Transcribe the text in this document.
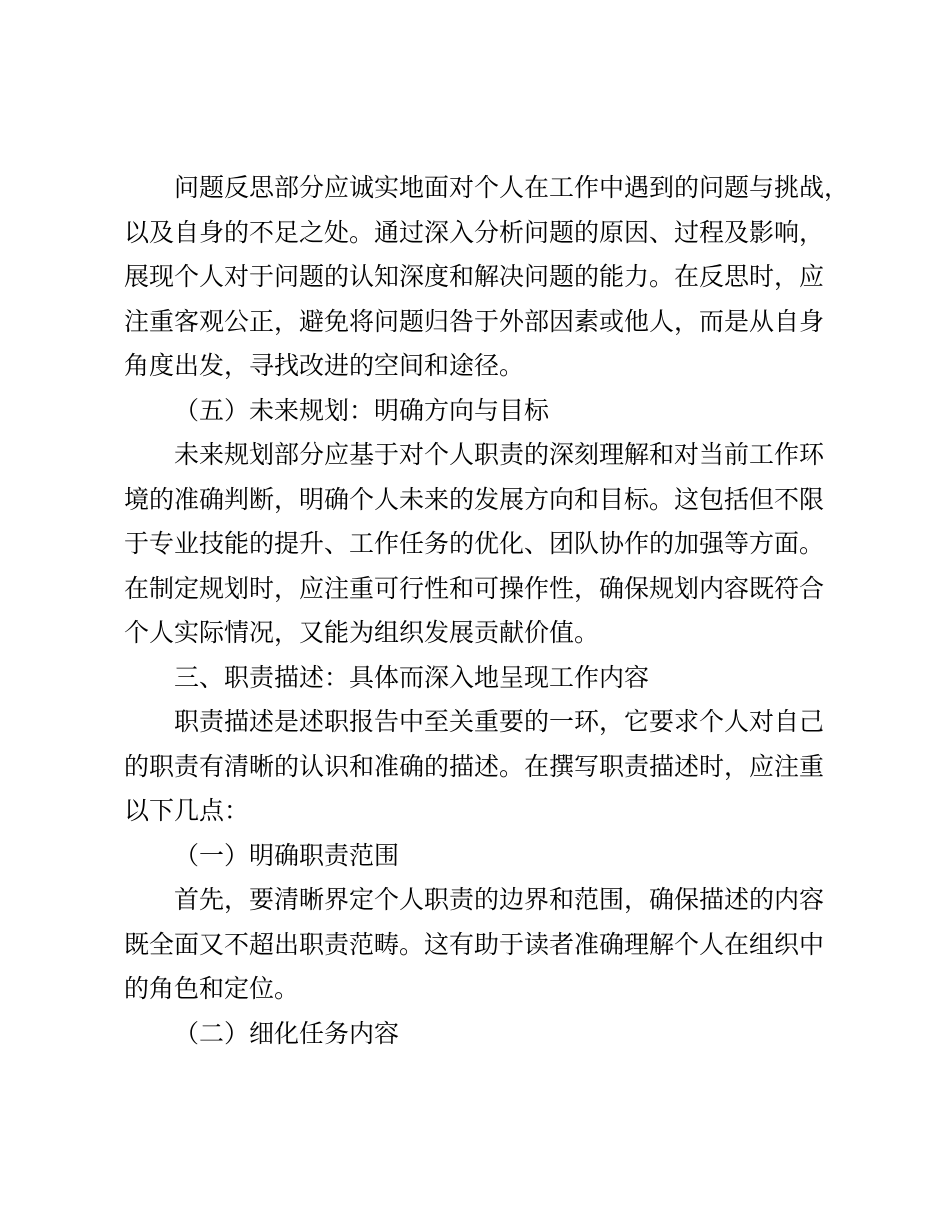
问题反思部分应诚实地面对个人在工作中遇到的问题与挑战，
以及自身的不足之处。通过深入分析问题的原因、过程及影响，
展现个人对于问题的认知深度和解决问题的能力。在反思时，应
注重客观公正，避免将问题归咎于外部因素或他人，而是从自身
角度出发，寻找改进的空间和途径。
（五）未来规划：明确方向与目标
未来规划部分应基于对个人职责的深刻理解和对当前工作环
境的准确判断，明确个人未来的发展方向和目标。这包括但不限
于专业技能的提升、工作任务的优化、团队协作的加强等方面。
在制定规划时，应注重可行性和可操作性，确保规划内容既符合
个人实际情况，又能为组织发展贡献价值。
三、职责描述：具体而深入地呈现工作内容
职责描述是述职报告中至关重要的一环，它要求个人对自己
的职责有清晰的认识和准确的描述。在撰写职责描述时，应注重
以下几点：
（一）明确职责范围
首先，要清晰界定个人职责的边界和范围，确保描述的内容
既全面又不超出职责范畴。这有助于读者准确理解个人在组织中
的角色和定位。
（二）细化任务内容
